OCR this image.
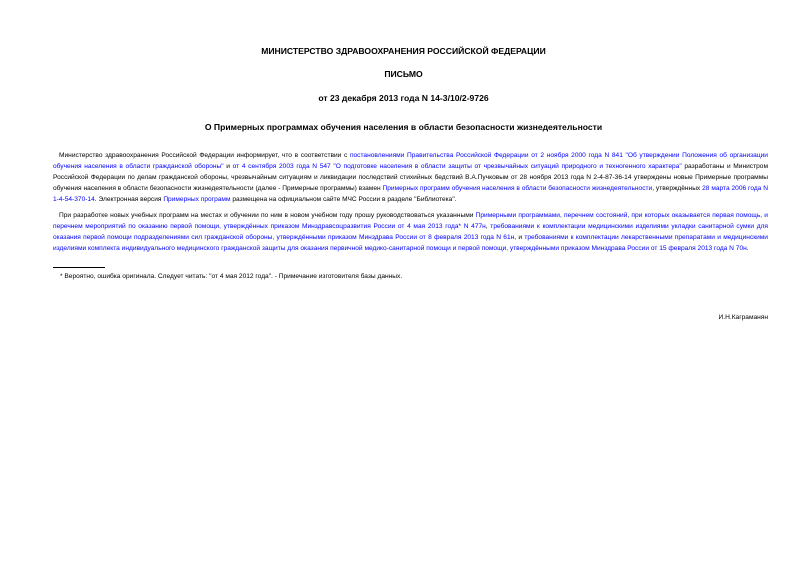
МИНИСТЕРСТВО ЗДРАВООХРАНЕНИЯ РОССИЙСКОЙ ФЕДЕРАЦИИ
ПИСЬМО
от 23 декабря 2013 года N 14-3/10/2-9726
О Примерных программах обучения населения в области безопасности жизнедеятельности

Министерство здравоохранения Российской Федерации информирует, что в соответствии с постановлениями Правительства Российской Федерации от 2 ноября 2000 года N 841 "Об утверждении Положения об организации обучения населения в области гражданской обороны" и от 4 сентября 2003 года N 547 "О подготовке населения в области защиты от чрезвычайных ситуаций природного и техногенного характера" разработаны и Министром Российской Федерации по делам гражданской обороны, чрезвычайным ситуациям и ликвидации последствий стихийных бедствий В.А.Пучковым от 28 ноября 2013 года N 2-4-87-36-14 утверждены новые Примерные программы обучения населения в области безопасности жизнедеятельности (далее - Примерные программы) взамен Примерных программ обучения населения в области безопасности жизнедеятельности, утверждённых 28 марта 2006 года N 1-4-54-370-14. Электронная версия Примерных программ размещена на официальном сайте МЧС России в разделе "Библиотека".

При разработке новых учебных программ на местах и обучении по ним в новом учебном году прошу руководствоваться указанными Примерными программами, перечнем состояний, при которых оказывается первая помощь, и перечнем мероприятий по оказанию первой помощи, утверждённых приказом Минздравсоцразвития России от 4 мая 2013 года* N 477н, требованиями к комплектации медицинскими изделиями укладки санитарной сумки для оказания первой помощи подразделениями сил гражданской обороны, утверждёнными приказом Минздрава России от 8 февраля 2013 года N 61н, и требованиями к комплектации лекарственными препаратами и медицинскими изделиями комплекта индивидуального медицинского гражданской защиты для оказания первичной медико-санитарной помощи и первой помощи, утверждёнными приказом Минздрава России от 15 февраля 2013 года N 70н.

* Вероятно, ошибка оригинала. Следует читать: "от 4 мая 2012 года". - Примечание изготовителя базы данных.
И.Н.Каграманян
